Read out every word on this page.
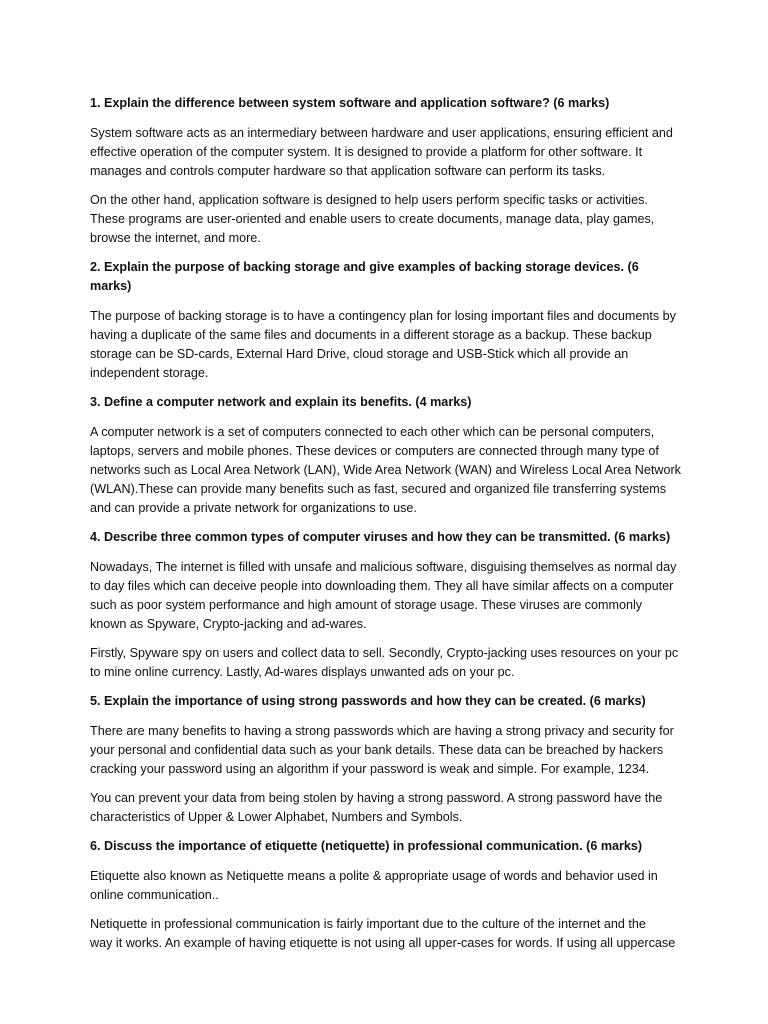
1. Explain the difference between system software and application software? (6 marks)
System software acts as an intermediary between hardware and user applications, ensuring efficient and
effective operation of the computer system. It is designed to provide a platform for other software. It
manages and controls computer hardware so that application software can perform its tasks.
On the other hand, application software is designed to help users perform specific tasks or activities.
These programs are user-oriented and enable users to create documents, manage data, play games,
browse the internet, and more.
2. Explain the purpose of backing storage and give examples of backing storage devices. (6 marks)
The purpose of backing storage is to have a contingency plan for losing important files and documents by
having a duplicate of the same files and documents in a different storage as a backup. These backup
storage can be SD-cards, External Hard Drive, cloud storage and USB-Stick which all provide an
independent storage.
3. Define a computer network and explain its benefits. (4 marks)
A computer network is a set of computers connected to each other which can be personal computers,
laptops, servers and mobile phones. These devices or computers are connected through many type of
networks such as Local Area Network (LAN), Wide Area Network (WAN) and Wireless Local Area Network
(WLAN).These can provide many benefits such as fast, secured and organized file transferring systems
and can provide a private network for organizations to use.
4. Describe three common types of computer viruses and how they can be transmitted. (6 marks)
Nowadays, The internet is filled with unsafe and malicious software, disguising themselves as normal day
to day files which can deceive people into downloading them. They all have similar affects on a computer
such as poor system performance and high amount of storage usage. These viruses are commonly
known as Spyware, Crypto-jacking and ad-wares.
Firstly, Spyware spy on users and collect data to sell. Secondly, Crypto-jacking uses resources on your pc
to mine online currency. Lastly, Ad-wares displays unwanted ads on your pc.
5. Explain the importance of using strong passwords and how they can be created. (6 marks)
There are many benefits to having a strong passwords which are having a strong privacy and security for
your personal and confidential data such as your bank details. These data can be breached by hackers
cracking your password using an algorithm if your password is weak and simple. For example, 1234.
You can prevent your data from being stolen by having a strong password. A strong password have the
characteristics of Upper & Lower Alphabet, Numbers and Symbols.
6. Discuss the importance of etiquette (netiquette) in professional communication. (6 marks)
Etiquette also known as Netiquette means a polite & appropriate usage of words and behavior used in
online communication..
Netiquette in professional communication is fairly important due to the culture of the internet and the
way it works. An example of having etiquette is not using all upper-cases for words. If using all uppercase
